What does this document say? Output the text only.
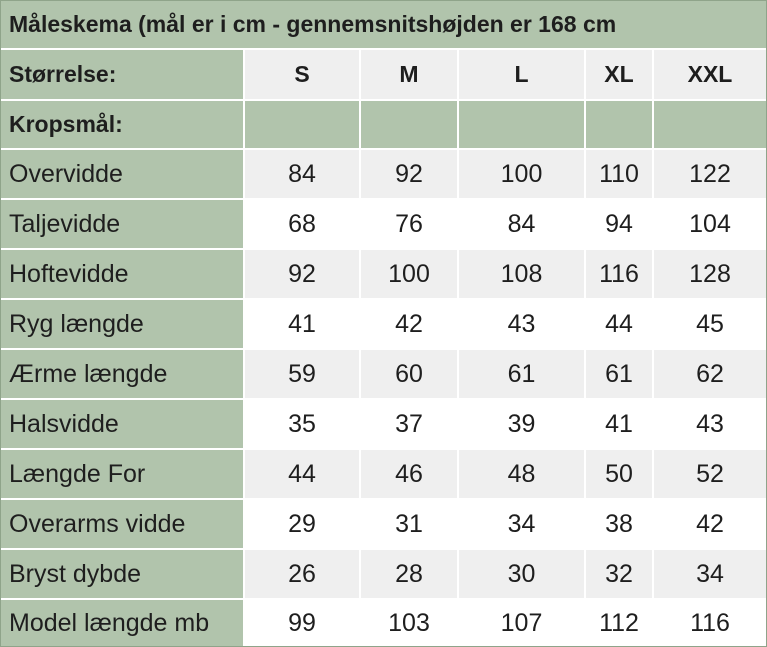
Måleskema (mål er i cm - gennemsnitshøjden er 168 cm
Størrelse:	S	M	L	XL	XXL
Kropsmål:					
Overvidde	84	92	100	110	122
Taljevidde	68	76	84	94	104
Hoftevidde	92	100	108	116	128
Ryg længde	41	42	43	44	45
Ærme længde	59	60	61	61	62
Halsvidde	35	37	39	41	43
Længde For	44	46	48	50	52
Overarms vidde	29	31	34	38	42
Bryst dybde	26	28	30	32	34
Model længde mb	99	103	107	112	116
